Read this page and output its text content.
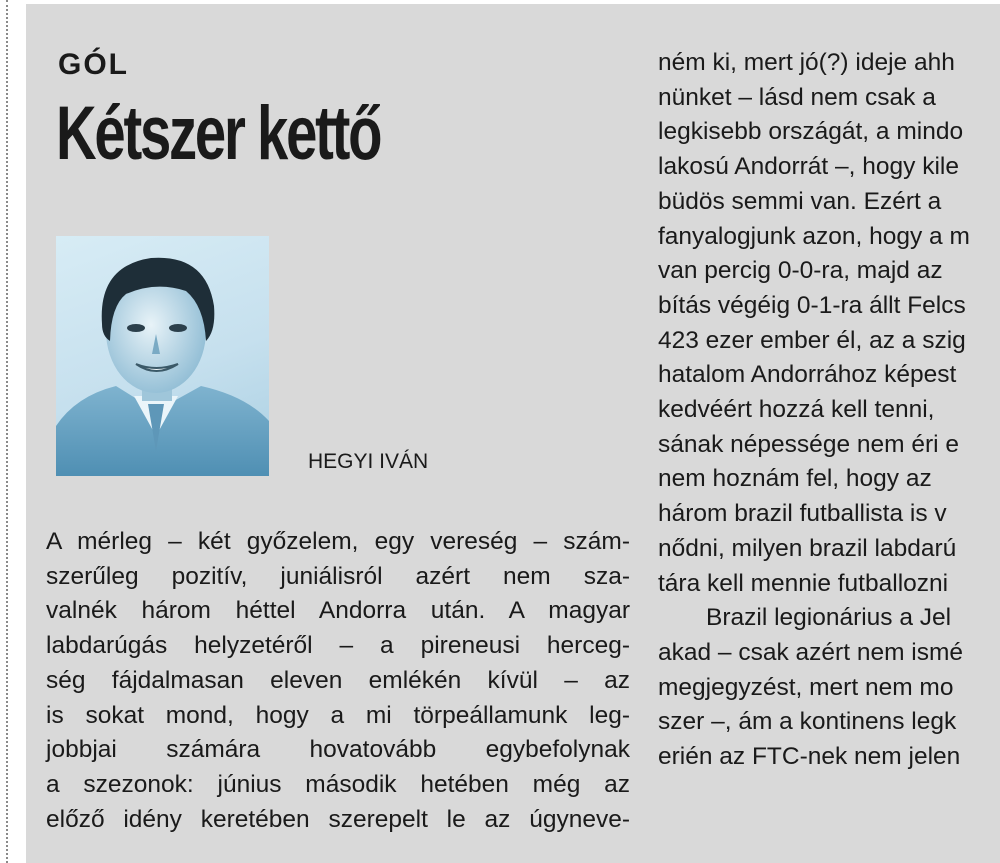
GÓL
Kétszer kettő
HEGYI IVÁN
A mérleg – két győzelem, egy vereség – szám-
szerűleg pozitív, juniálisról azért nem sza-
valnék három héttel Andorra után. A magyar
labdarúgás helyzetéről – a pireneusi herceg-
ség fájdalmasan eleven emlékén kívül – az
is sokat mond, hogy a mi törpeállamunk leg-
jobbjai számára hovatovább egybefolynak
a szezonok: június második hetében még az
előző idény keretében szerepelt le az úgyneve-
ném ki, mert jó(?) ideje ahh
nünket – lásd nem csak a
legkisebb országát, a mindo
lakosú Andorrát –, hogy kile
büdös semmi van. Ezért a
fanyalogjunk azon, hogy a m
van percig 0-0-ra, majd az
bítás végéig 0-1-ra állt Felcs
423 ezer ember él, az a szig
hatalom Andorrához képest
kedvéért hozzá kell tenni,
sának népessége nem éri e
nem hoznám fel, hogy az
három brazil futballista is v
nődni, milyen brazil labdarú
tára kell mennie futballozni
Brazil legionárius a Jel
akad – csak azért nem ismé
megjegyzést, mert nem mo
szer –, ám a kontinens legk
erién az FTC-nek nem jelen
